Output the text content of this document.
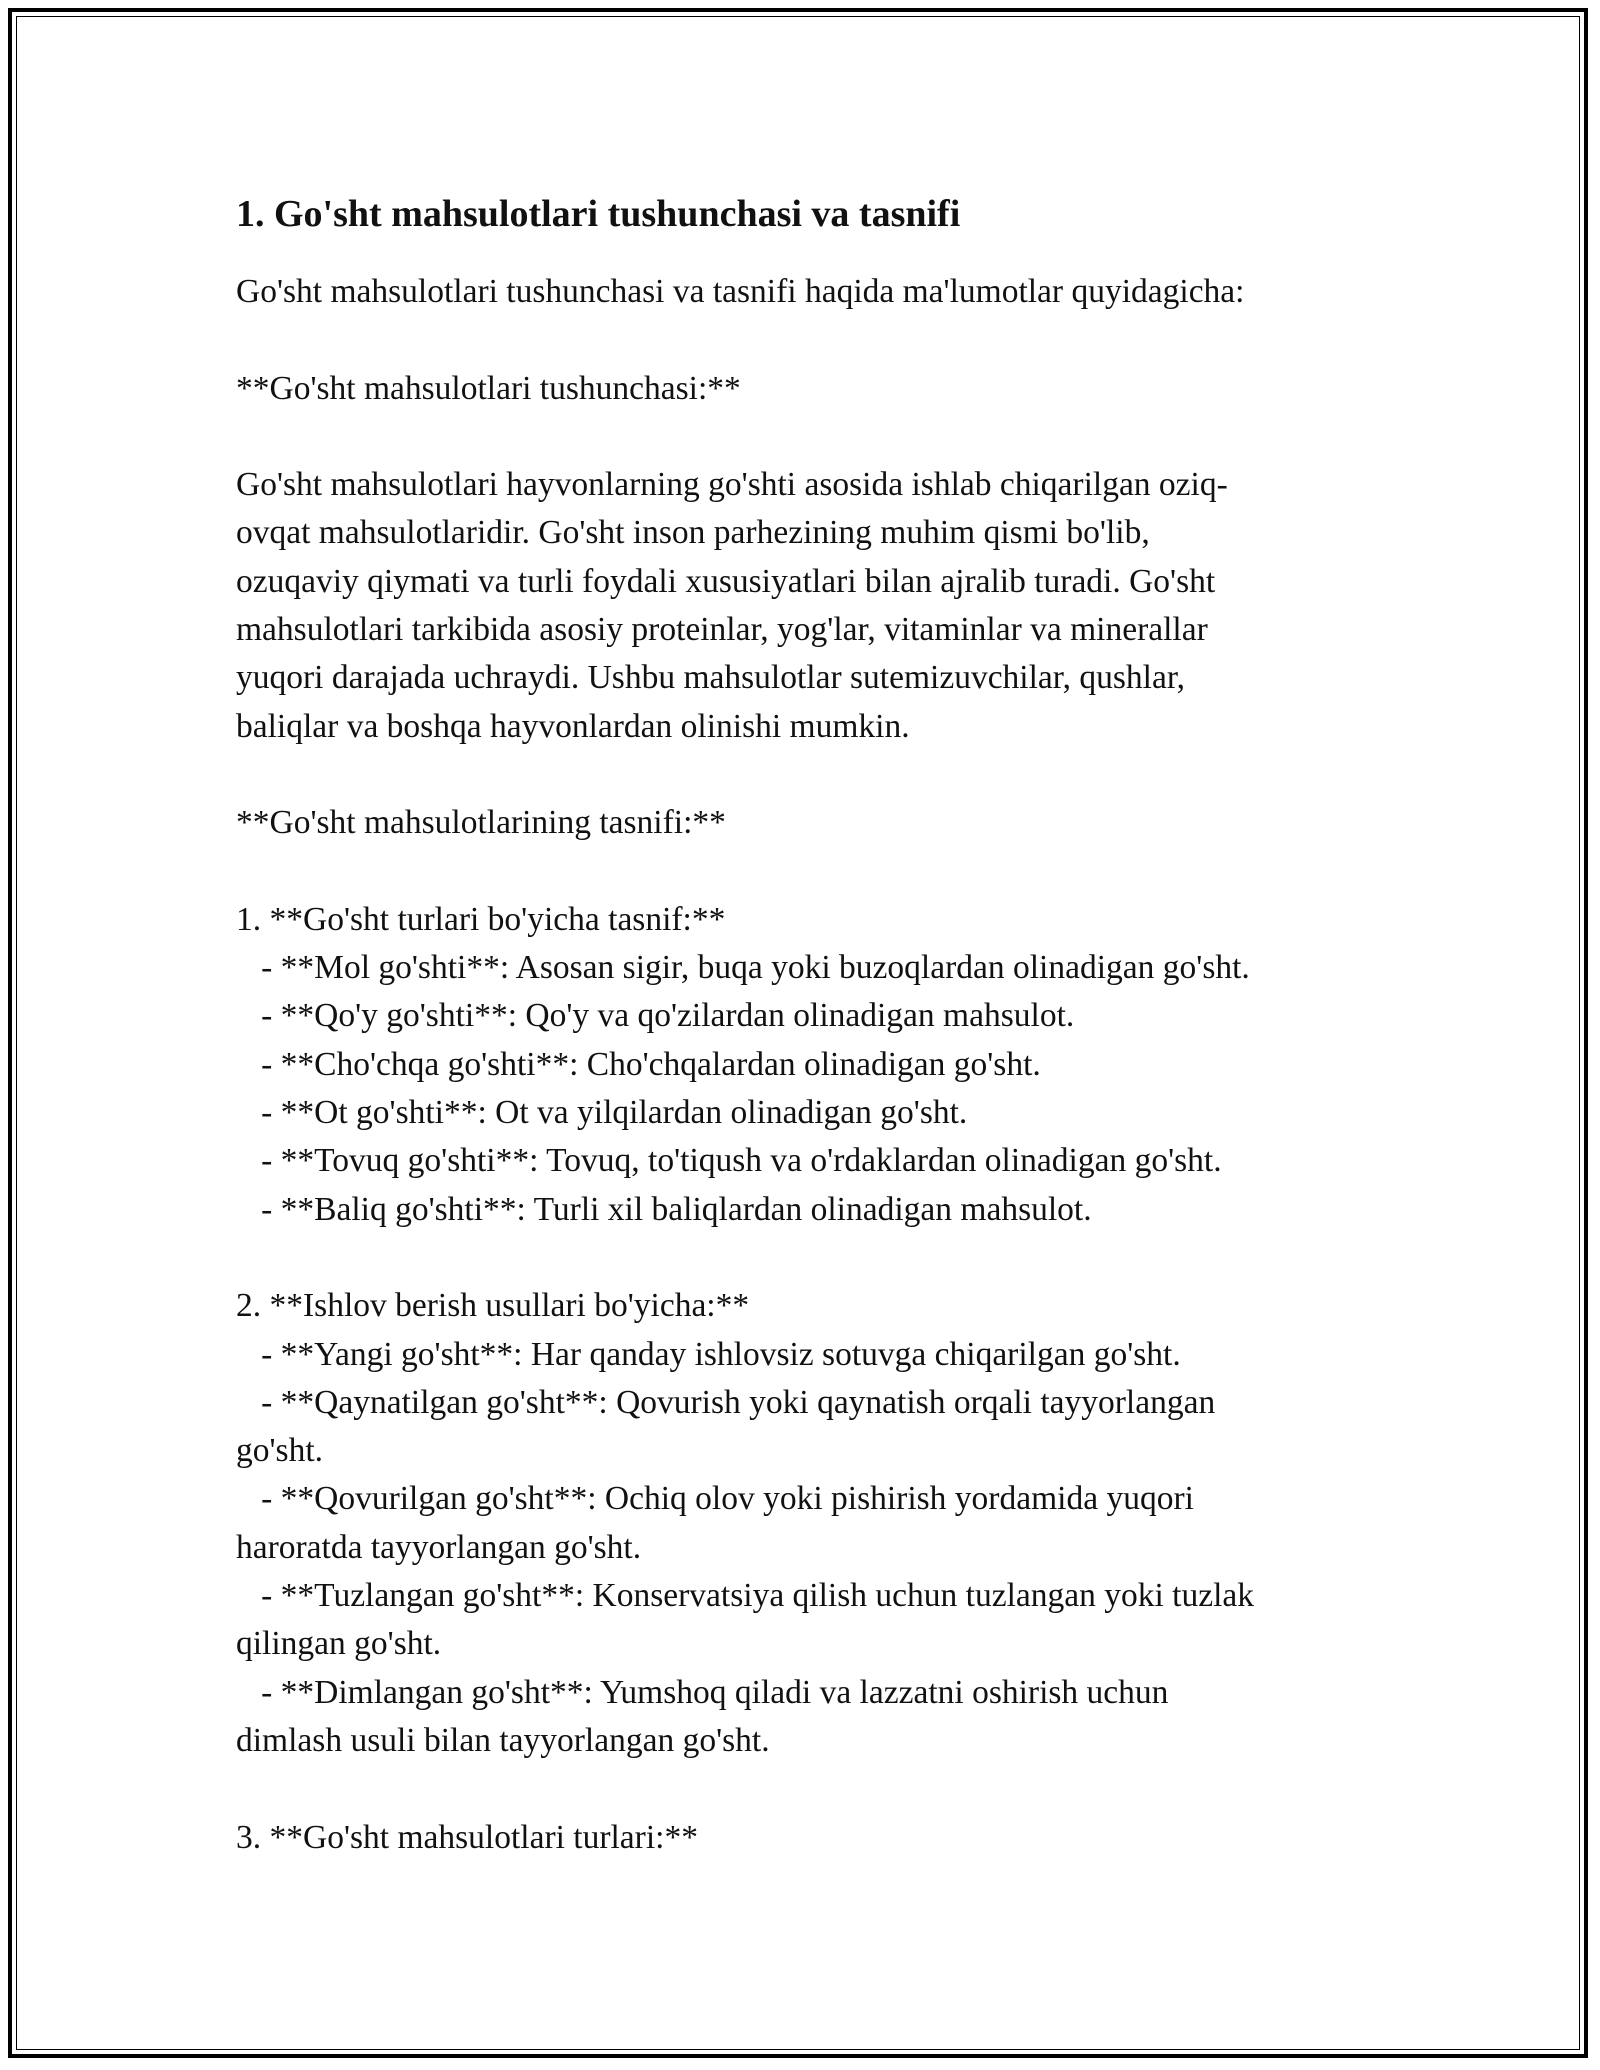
1. Go'sht mahsulotlari tushunchasi va tasnifi

Go'sht mahsulotlari tushunchasi va tasnifi haqida ma'lumotlar quyidagicha:

**Go'sht mahsulotlari tushunchasi:**

Go'sht mahsulotlari hayvonlarning go'shti asosida ishlab chiqarilgan oziq-

ovqat mahsulotlaridir. Go'sht inson parhezining muhim qismi bo'lib,

ozuqaviy qiymati va turli foydali xususiyatlari bilan ajralib turadi. Go'sht

mahsulotlari tarkibida asosiy proteinlar, yog'lar, vitaminlar va minerallar

yuqori darajada uchraydi. Ushbu mahsulotlar sutemizuvchilar, qushlar,

baliqlar va boshqa hayvonlardan olinishi mumkin.

**Go'sht mahsulotlarining tasnifi:**

1. **Go'sht turlari bo'yicha tasnif:**

- **Mol go'shti**: Asosan sigir, buqa yoki buzoqlardan olinadigan go'sht.

- **Qo'y go'shti**: Qo'y va qo'zilardan olinadigan mahsulot.

- **Cho'chqa go'shti**: Cho'chqalardan olinadigan go'sht.

- **Ot go'shti**: Ot va yilqilardan olinadigan go'sht.

- **Tovuq go'shti**: Tovuq, to'tiqush va o'rdaklardan olinadigan go'sht.

- **Baliq go'shti**: Turli xil baliqlardan olinadigan mahsulot.

2. **Ishlov berish usullari bo'yicha:**

- **Yangi go'sht**: Har qanday ishlovsiz sotuvga chiqarilgan go'sht.

- **Qaynatilgan go'sht**: Qovurish yoki qaynatish orqali tayyorlangan

go'sht.

- **Qovurilgan go'sht**: Ochiq olov yoki pishirish yordamida yuqori

haroratda tayyorlangan go'sht.

- **Tuzlangan go'sht**: Konservatsiya qilish uchun tuzlangan yoki tuzlak

qilingan go'sht.

- **Dimlangan go'sht**: Yumshoq qiladi va lazzatni oshirish uchun

dimlash usuli bilan tayyorlangan go'sht.

3. **Go'sht mahsulotlari turlari:**
